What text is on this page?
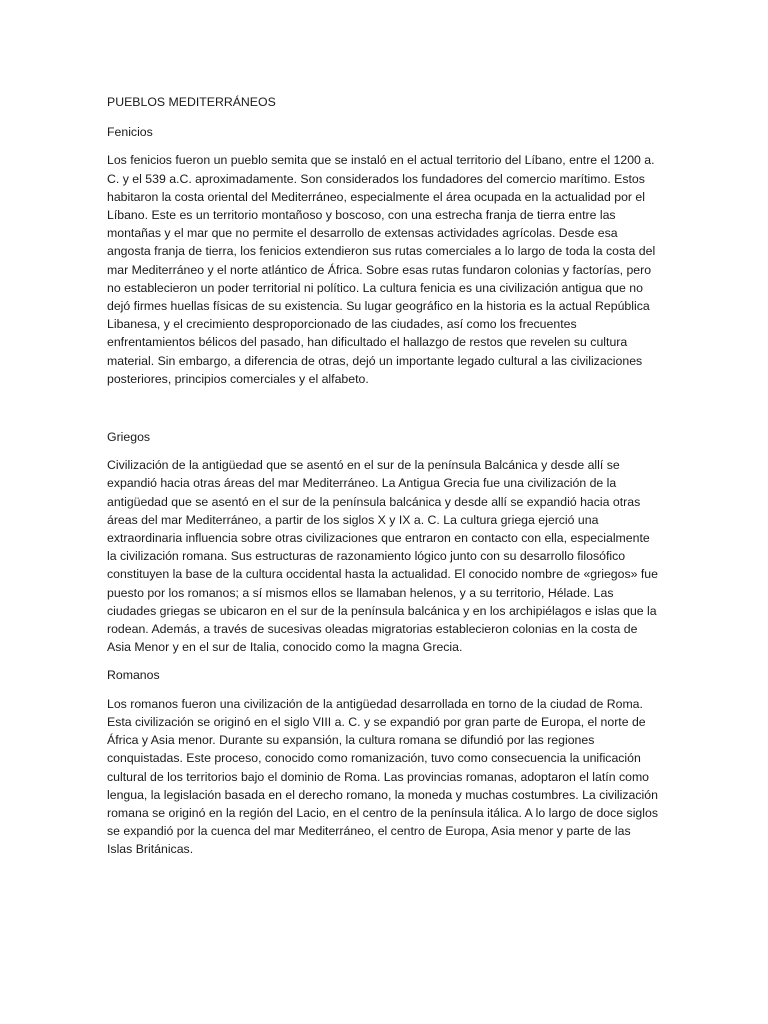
PUEBLOS MEDITERRÁNEOS
Fenicios

Los fenicios fueron un pueblo semita que se instaló en el actual territorio del Líbano, entre el 1200 a. C. y el 539 a.C. aproximadamente. Son considerados los fundadores del comercio marítimo. Estos habitaron la costa oriental del Mediterráneo, especialmente el área ocupada en la actualidad por el Líbano. Este es un territorio montañoso y boscoso, con una estrecha franja de tierra entre las montañas y el mar que no permite el desarrollo de extensas actividades agrícolas. Desde esa angosta franja de tierra, los fenicios extendieron sus rutas comerciales a lo largo de toda la costa del mar Mediterráneo y el norte atlántico de África. Sobre esas rutas fundaron colonias y factorías, pero no establecieron un poder territorial ni político. La cultura fenicia es una civilización antigua que no dejó firmes huellas físicas de su existencia. Su lugar geográfico en la historia es la actual República Libanesa, y el crecimiento desproporcionado de las ciudades, así como los frecuentes enfrentamientos bélicos del pasado, han dificultado el hallazgo de restos que revelen su cultura material. Sin embargo, a diferencia de otras, dejó un importante legado cultural a las civilizaciones posteriores, principios comerciales y el alfabeto.

Griegos

Civilización de la antigüedad que se asentó en el sur de la península Balcánica y desde allí se expandió hacia otras áreas del mar Mediterráneo. La Antigua Grecia fue una civilización de la antigüedad que se asentó en el sur de la península balcánica y desde allí se expandió hacia otras áreas del mar Mediterráneo, a partir de los siglos X y IX a. C. La cultura griega ejerció una extraordinaria influencia sobre otras civilizaciones que entraron en contacto con ella, especialmente la civilización romana. Sus estructuras de razonamiento lógico junto con su desarrollo filosófico constituyen la base de la cultura occidental hasta la actualidad. El conocido nombre de «griegos» fue puesto por los romanos; a sí mismos ellos se llamaban helenos, y a su territorio, Hélade. Las ciudades griegas se ubicaron en el sur de la península balcánica y en los archipiélagos e islas que la rodean. Además, a través de sucesivas oleadas migratorias establecieron colonias en la costa de Asia Menor y en el sur de Italia, conocido como la magna Grecia.

Romanos

Los romanos fueron una civilización de la antigüedad desarrollada en torno de la ciudad de Roma. Esta civilización se originó en el siglo VIII a. C. y se expandió por gran parte de Europa, el norte de África y Asia menor. Durante su expansión, la cultura romana se difundió por las regiones conquistadas. Este proceso, conocido como romanización, tuvo como consecuencia la unificación cultural de los territorios bajo el dominio de Roma. Las provincias romanas, adoptaron el latín como lengua, la legislación basada en el derecho romano, la moneda y muchas costumbres. La civilización romana se originó en la región del Lacio, en el centro de la península itálica. A lo largo de doce siglos se expandió por la cuenca del mar Mediterráneo, el centro de Europa, Asia menor y parte de las Islas Británicas.
